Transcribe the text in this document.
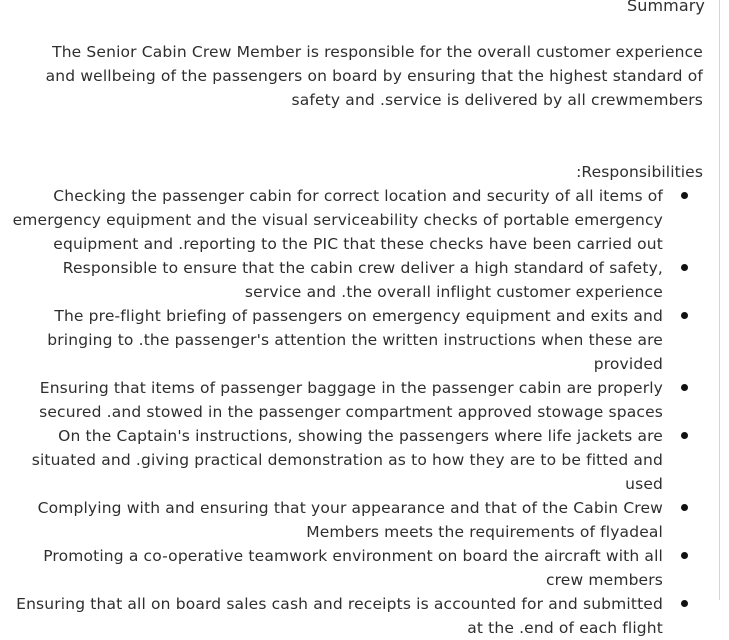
Summary

The Senior Cabin Crew Member is responsible for the overall customer experience and wellbeing of the passengers on board by ensuring that the highest standard of safety and .service is delivered by all crewmembers

:Responsibilities
Checking the passenger cabin for correct location and security of all items of emergency equipment and the visual serviceability checks of portable emergency equipment and .reporting to the PIC that these checks have been carried out
Responsible to ensure that the cabin crew deliver a high standard of safety, service and .the overall inflight customer experience
The pre-flight briefing of passengers on emergency equipment and exits and bringing to .the passenger's attention the written instructions when these are provided
Ensuring that items of passenger baggage in the passenger cabin are properly secured .and stowed in the passenger compartment approved stowage spaces
On the Captain's instructions, showing the passengers where life jackets are situated and .giving practical demonstration as to how they are to be fitted and used
Complying with and ensuring that your appearance and that of the Cabin Crew Members meets the requirements of flyadeal
Promoting a co-operative teamwork environment on board the aircraft with all crew members
Ensuring that all on board sales cash and receipts is accounted for and submitted at the .end of each flight
